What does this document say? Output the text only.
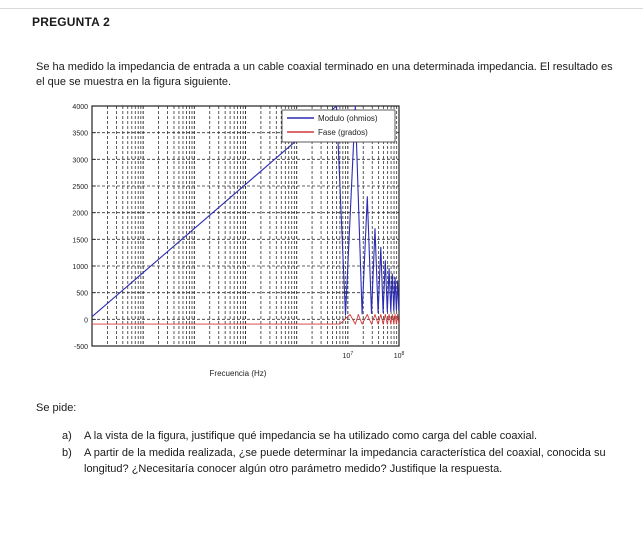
PREGUNTA 2
Se ha medido la impedancia de entrada a un cable coaxial terminado en una determinada impedancia. El resultado es el que se muestra en la figura siguiente.
-500
0
500
1000
1500
2000
2500
3000
3500
4000
$10^7$	$10^8$
Modulo (ohmios)
Fase (grados)
Frecuencia (Hz)
Se pide:
a)	A la vista de la figura, justifique qué impedancia se ha utilizado como carga del cable coaxial.
b)	A partir de la medida realizada, ¿se puede determinar la impedancia característica del coaxial, conocida su longitud? ¿Necesitaría conocer algún otro parámetro medido? Justifique la respuesta.
